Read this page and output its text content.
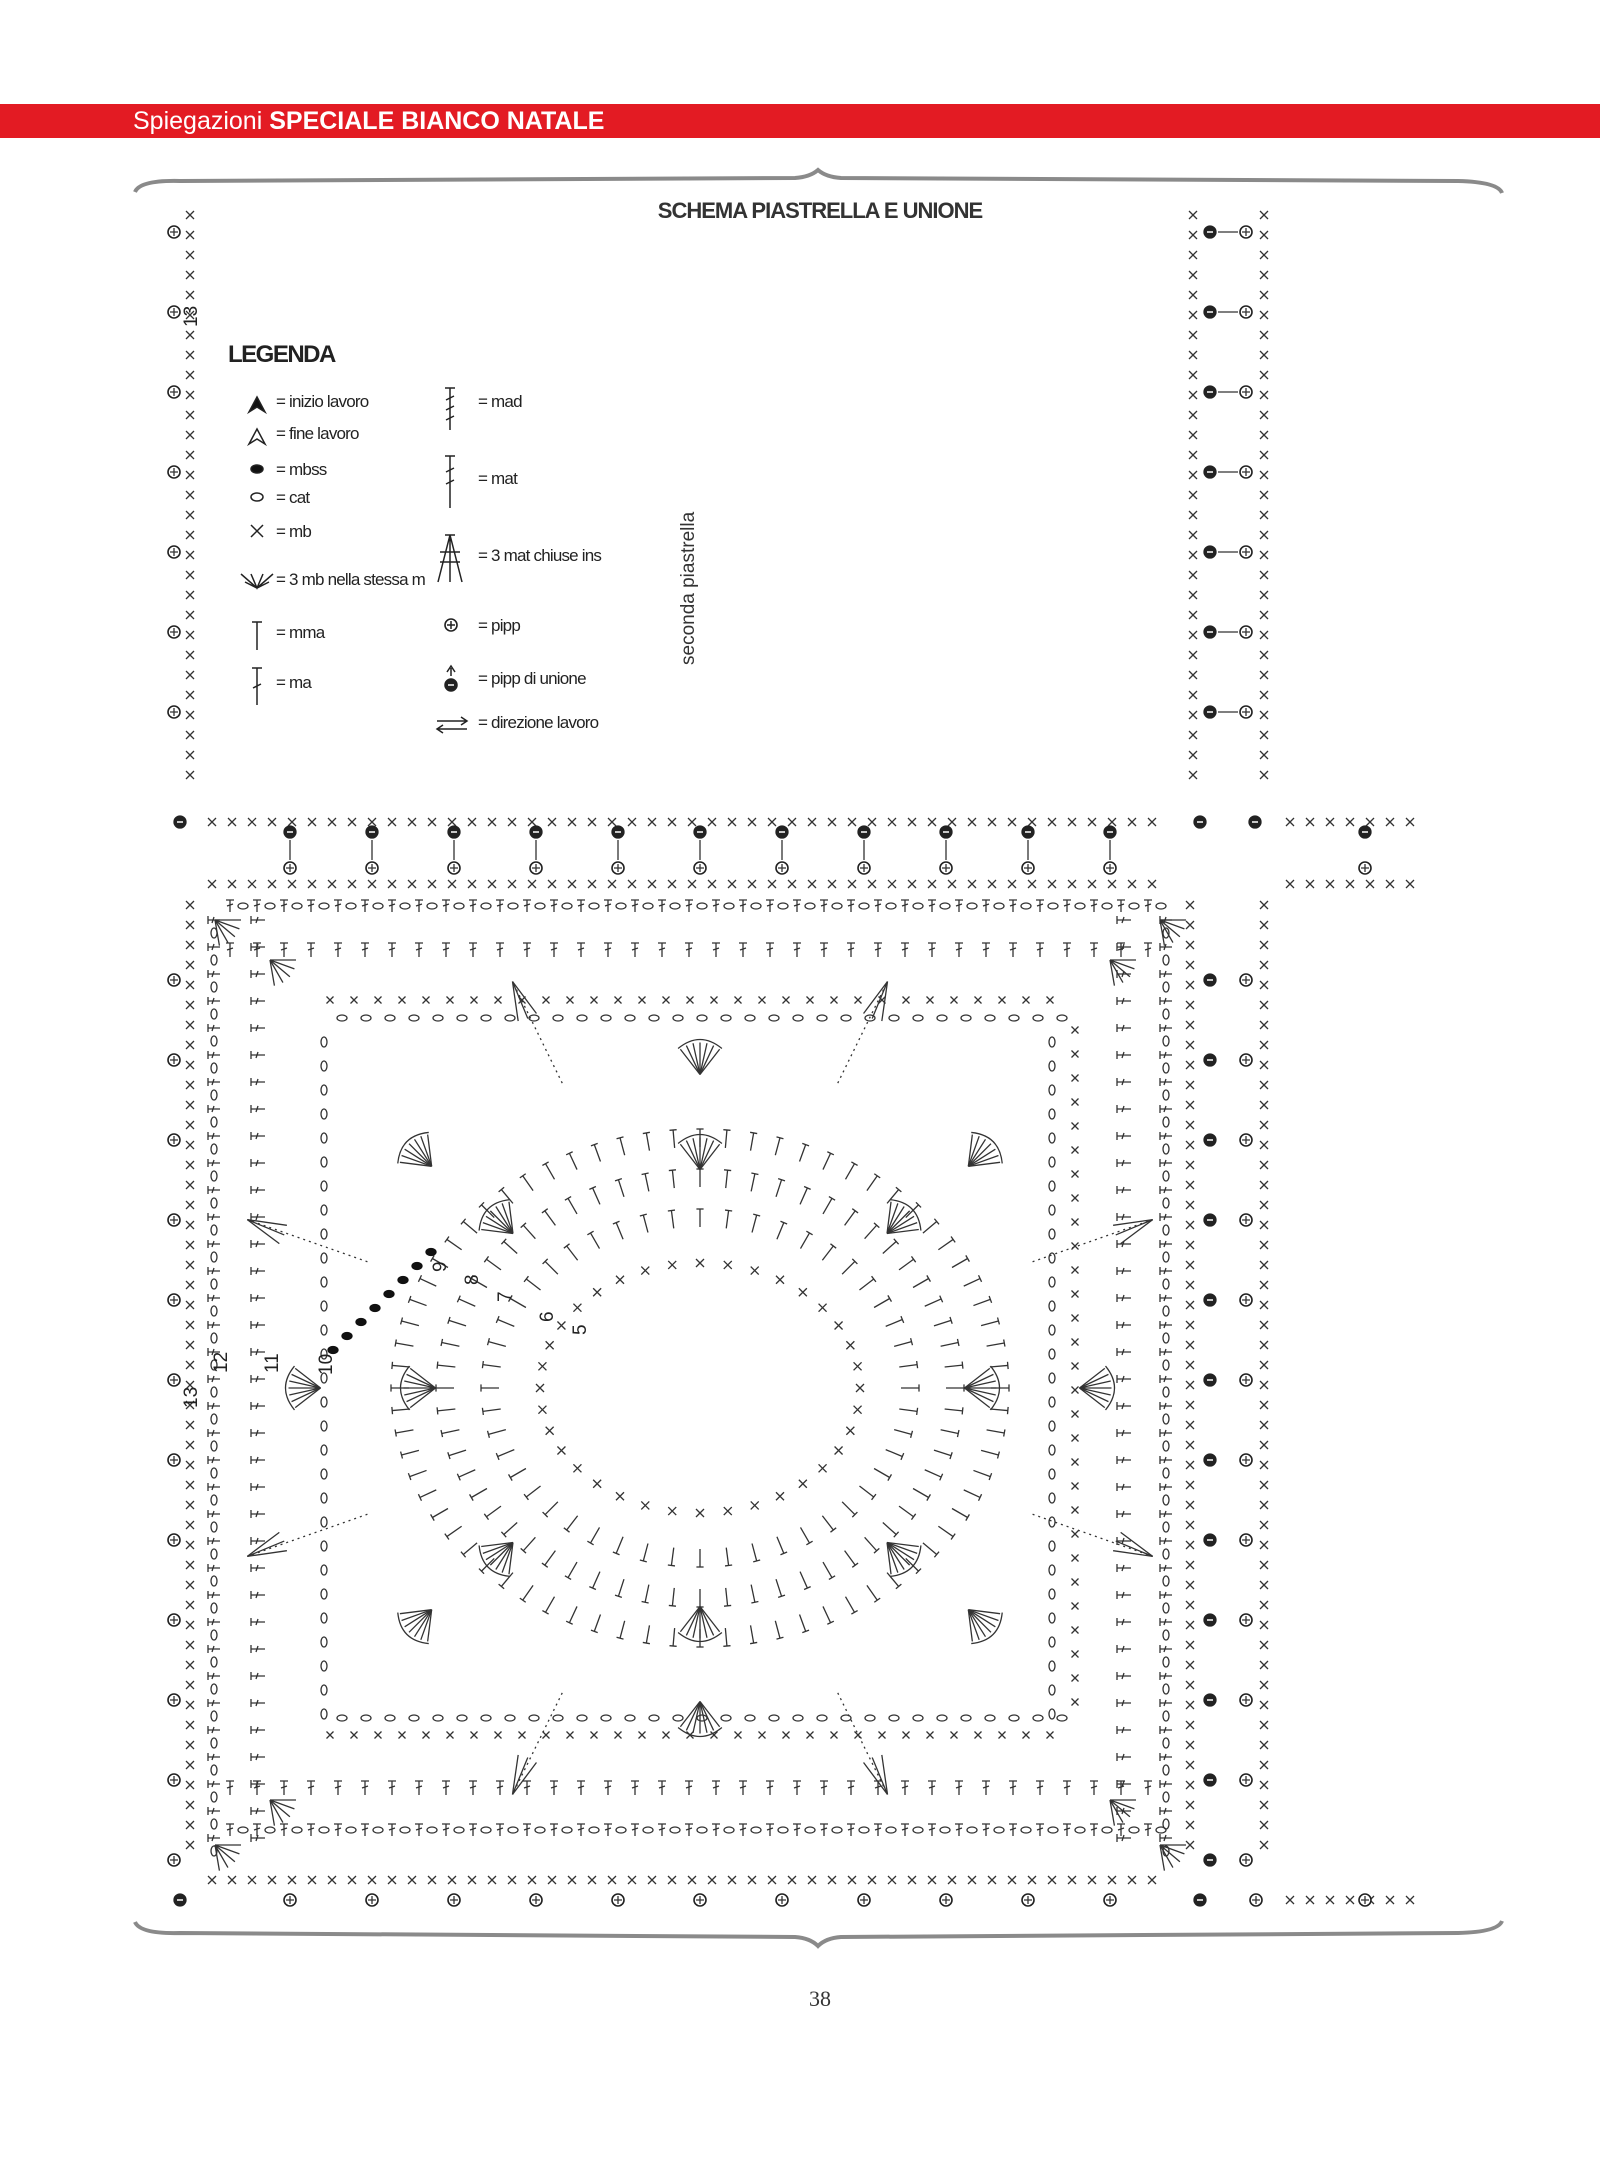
Spiegazioni SPECIALE BIANCO NATALE
5
6
7
8
9
10
11
12
13
13
SCHEMA PIASTRELLA E UNIONE
LEGENDA
seconda piastrella
= inizio lavoro
= fine lavoro
= mbss
= cat
= mb
= 3 mb nella stessa m
= mma
= ma
= mad
= mat
= 3 mat chiuse ins
= pipp
= pipp di unione
= direzione lavoro
38
